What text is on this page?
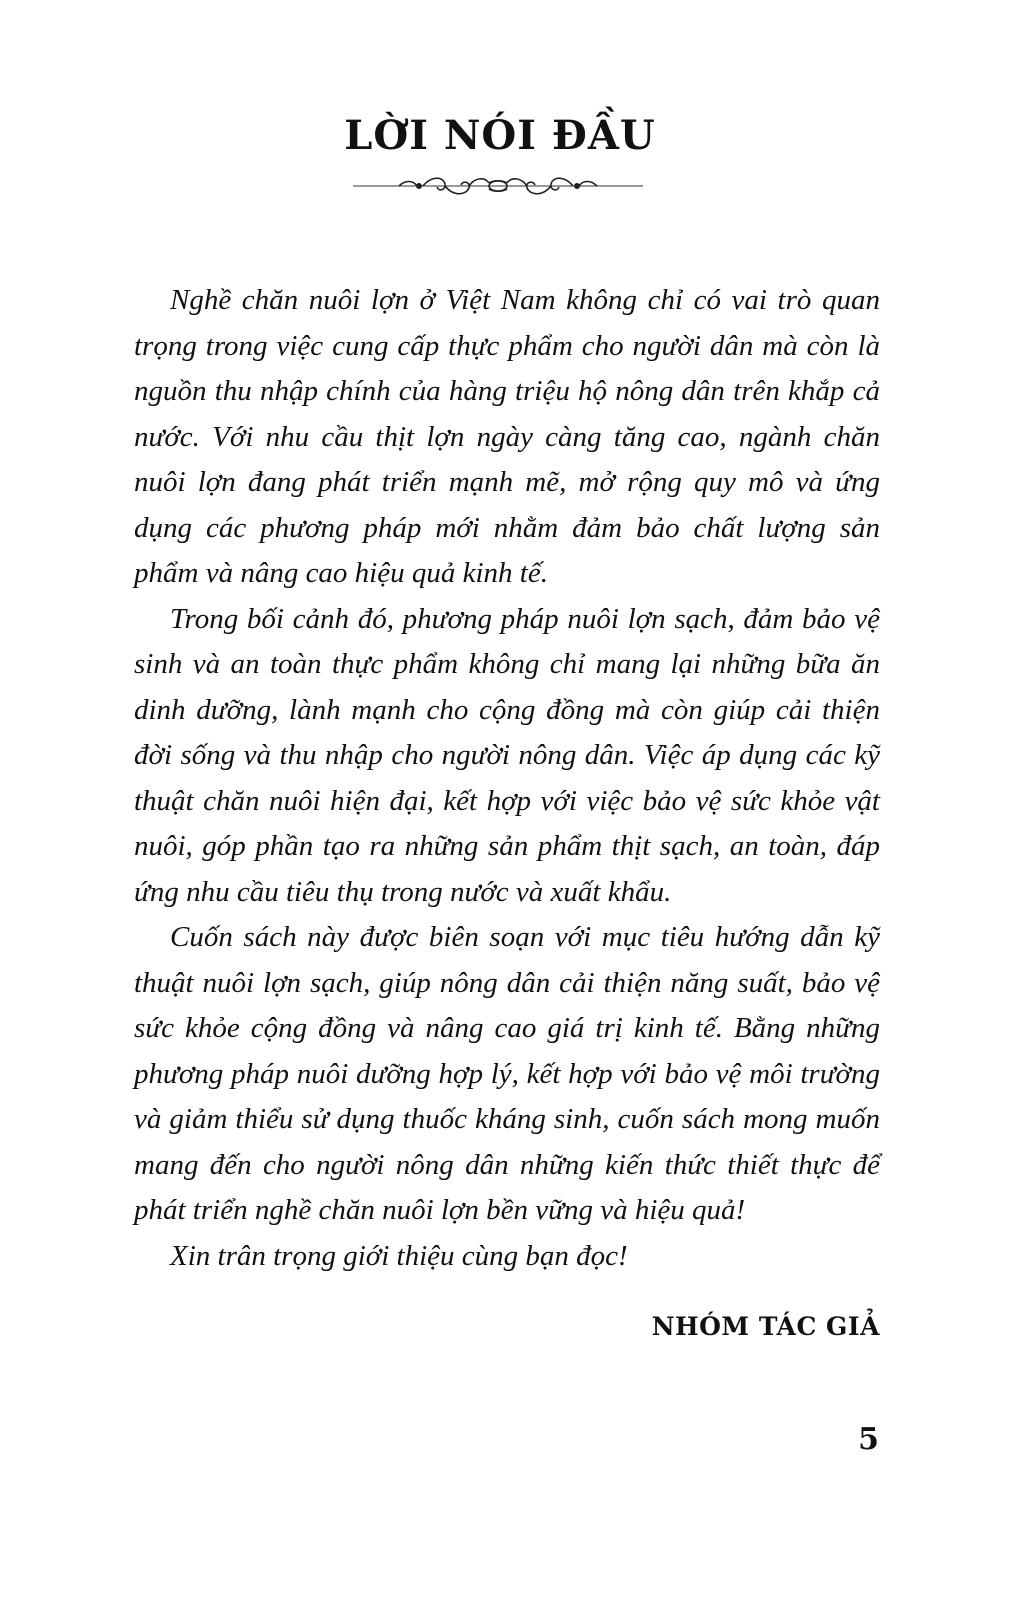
LỜI NÓI ĐẦU

Nghề chăn nuôi lợn ở Việt Nam không chỉ có vai trò quan trọng trong việc cung cấp thực phẩm cho người dân mà còn là nguồn thu nhập chính của hàng triệu hộ nông dân trên khắp cả nước. Với nhu cầu thịt lợn ngày càng tăng cao, ngành chăn nuôi lợn đang phát triển mạnh mẽ, mở rộng quy mô và ứng dụng các phương pháp mới nhằm đảm bảo chất lượng sản phẩm và nâng cao hiệu quả kinh tế.

Trong bối cảnh đó, phương pháp nuôi lợn sạch, đảm bảo vệ sinh và an toàn thực phẩm không chỉ mang lại những bữa ăn dinh dưỡng, lành mạnh cho cộng đồng mà còn giúp cải thiện đời sống và thu nhập cho người nông dân. Việc áp dụng các kỹ thuật chăn nuôi hiện đại, kết hợp với việc bảo vệ sức khỏe vật nuôi, góp phần tạo ra những sản phẩm thịt sạch, an toàn, đáp ứng nhu cầu tiêu thụ trong nước và xuất khẩu.

Cuốn sách này được biên soạn với mục tiêu hướng dẫn kỹ thuật nuôi lợn sạch, giúp nông dân cải thiện năng suất, bảo vệ sức khỏe cộng đồng và nâng cao giá trị kinh tế. Bằng những phương pháp nuôi dưỡng hợp lý, kết hợp với bảo vệ môi trường và giảm thiểu sử dụng thuốc kháng sinh, cuốn sách mong muốn mang đến cho người nông dân những kiến thức thiết thực để phát triển nghề chăn nuôi lợn bền vững và hiệu quả!

Xin trân trọng giới thiệu cùng bạn đọc!

NHÓM TÁC GIẢ
5
